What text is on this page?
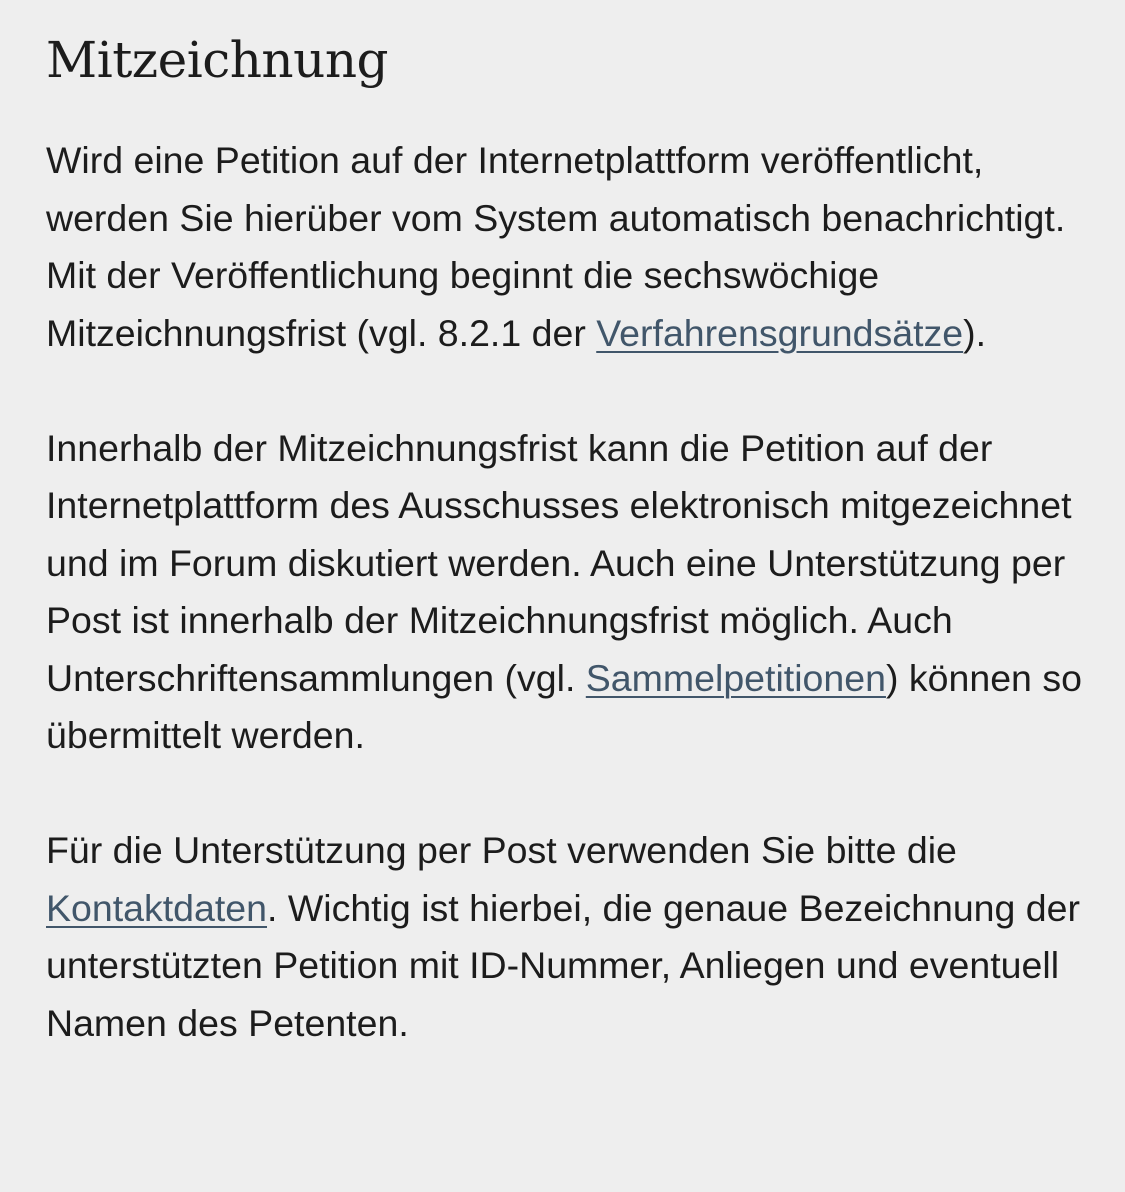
Mitzeichnung

Wird eine Petition auf der Internetplattform veröffentlicht, werden Sie hierüber vom System automatisch benachrichtigt. Mit der Veröffentlichung beginnt die sechswöchige Mitzeichnungsfrist (vgl. 8.2.1 der Verfahrensgrundsätze).

Innerhalb der Mitzeichnungsfrist kann die Petition auf der Internetplattform des Ausschusses elektronisch mitgezeichnet und im Forum diskutiert werden. Auch eine Unterstützung per Post ist innerhalb der Mitzeichnungsfrist möglich. Auch Unterschriftensammlungen (vgl. Sammelpetitionen) können so übermittelt werden.

Für die Unterstützung per Post verwenden Sie bitte die Kontaktdaten. Wichtig ist hierbei, die genaue Bezeichnung der unterstützten Petition mit ID-Nummer, Anliegen und eventuell Namen des Petenten.
